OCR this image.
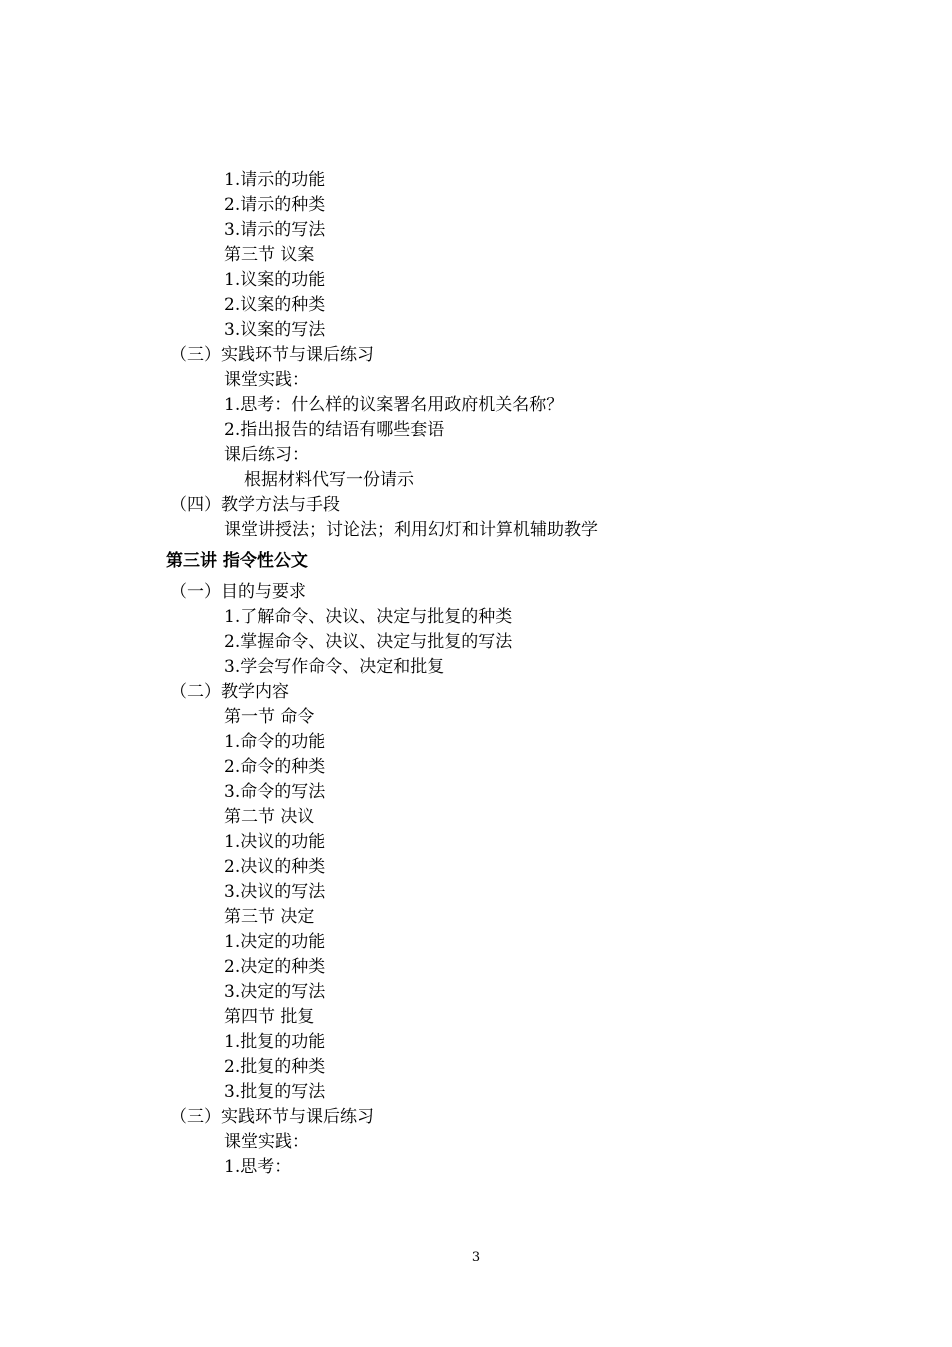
1.请示的功能
2.请示的种类
3.请示的写法
第三节 议案
1.议案的功能
2.议案的种类
3.议案的写法
（三）实践环节与课后练习
课堂实践：
1.思考：什么样的议案署名用政府机关名称？
2.指出报告的结语有哪些套语
课后练习：
根据材料代写一份请示
（四）教学方法与手段
课堂讲授法；讨论法；利用幻灯和计算机辅助教学
第三讲 指令性公文
（一）目的与要求
1.了解命令、决议、决定与批复的种类
2.掌握命令、决议、决定与批复的写法
3.学会写作命令、决定和批复
（二）教学内容
第一节 命令
1.命令的功能
2.命令的种类
3.命令的写法
第二节 决议
1.决议的功能
2.决议的种类
3.决议的写法
第三节 决定
1.决定的功能
2.决定的种类
3.决定的写法
第四节 批复
1.批复的功能
2.批复的种类
3.批复的写法
（三）实践环节与课后练习
课堂实践：
1.思考：
3
